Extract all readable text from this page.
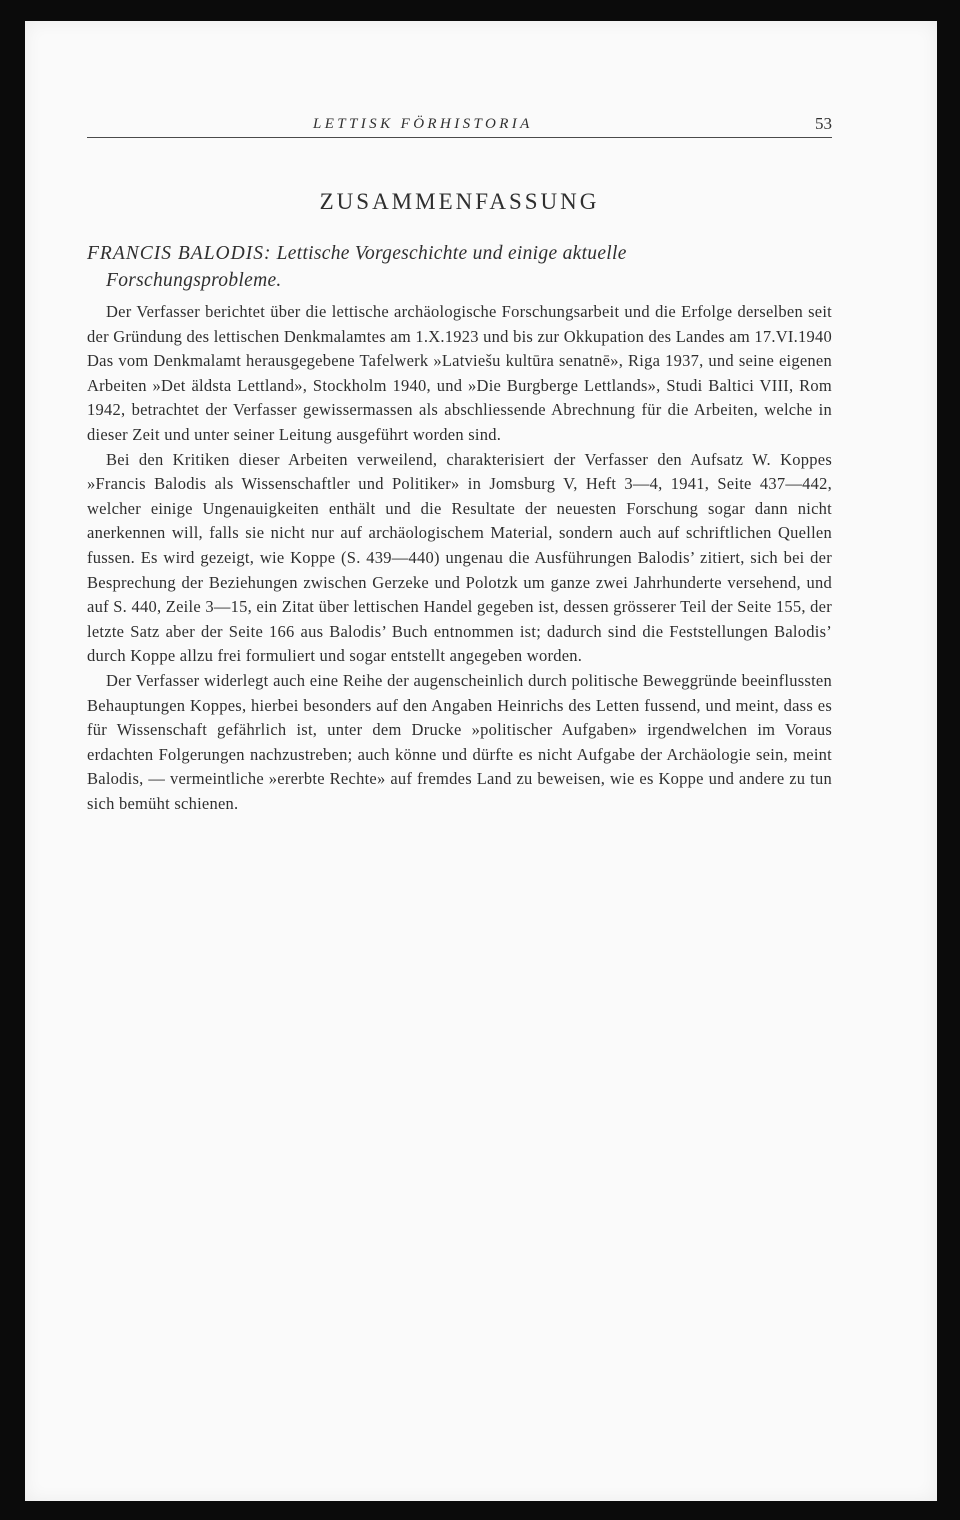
LETTISK FÖRHISTORIA	53
ZUSAMMENFASSUNG
FRANCIS BALODIS: Lettische Vorgeschichte und einige aktuelle
Forschungsprobleme.

Der Verfasser berichtet über die lettische archäologische Forschungsarbeit und die Erfolge derselben seit der Gründung des lettischen Denkmalamtes am 1.X.1923 und bis zur Okkupation des Landes am 17.VI.1940 Das vom Denkmalamt herausgegebene Tafelwerk »Latviešu kultūra senatnē», Riga 1937, und seine eigenen Arbeiten »Det äldsta Lettland», Stockholm 1940, und »Die Burgberge Lettlands», Studi Baltici VIII, Rom 1942, betrachtet der Verfasser gewissermassen als abschliessende Abrechnung für die Arbeiten, welche in dieser Zeit und unter seiner Leitung ausgeführt worden sind.

Bei den Kritiken dieser Arbeiten verweilend, charakterisiert der Verfasser den Aufsatz W. Koppes »Francis Balodis als Wissenschaftler und Politiker» in Jomsburg V, Heft 3—4, 1941, Seite 437—442, welcher einige Ungenauigkeiten enthält und die Resultate der neuesten Forschung sogar dann nicht anerkennen will, falls sie nicht nur auf archäologischem Material, sondern auch auf schriftlichen Quellen fussen. Es wird gezeigt, wie Koppe (S. 439—440) ungenau die Ausführungen Balodis’ zitiert, sich bei der Besprechung der Beziehungen zwischen Gerzeke und Polotzk um ganze zwei Jahrhunderte versehend, und auf S. 440, Zeile 3—15, ein Zitat über lettischen Handel gegeben ist, dessen grösserer Teil der Seite 155, der letzte Satz aber der Seite 166 aus Balodis’ Buch entnommen ist; dadurch sind die Feststellungen Balodis’ durch Koppe allzu frei formuliert und sogar entstellt angegeben worden.

Der Verfasser widerlegt auch eine Reihe der augenscheinlich durch politische Beweggründe beeinflussten Behauptungen Koppes, hierbei besonders auf den Angaben Heinrichs des Letten fussend, und meint, dass es für Wissenschaft gefährlich ist, unter dem Drucke »politischer Aufgaben» irgendwelchen im Voraus erdachten Folgerungen nachzustreben; auch könne und dürfte es nicht Aufgabe der Archäologie sein, meint Balodis, — vermeintliche »ererbte Rechte» auf fremdes Land zu beweisen, wie es Koppe und andere zu tun sich bemüht schienen.
